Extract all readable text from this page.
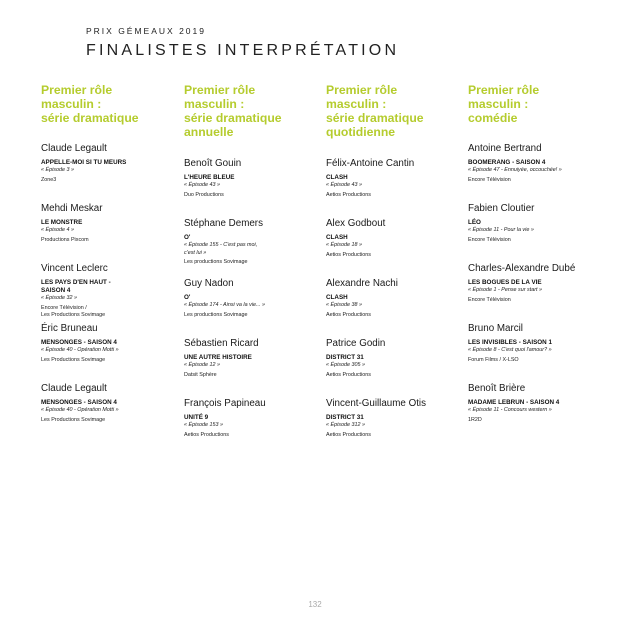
PRIX GÉMEAUX 2019
FINALISTES INTERPRÉTATION
Premier rôle
masculin :
série dramatique
Claude Legault
APPELLE-MOI SI TU MEURS
« Épisode 3 »
Zone3
Mehdi Meskar
LE MONSTRE
« Épisode 4 »
Productions Pixcom
Vincent Leclerc
LES PAYS D'EN HAUT -
SAISON 4
« Épisode 32 »
Encore Télévision /
Les Productions Sovimage
Éric Bruneau
MENSONGES - SAISON 4
« Épisode 40 - Opération Motti »
Les Productions Sovimage
Claude Legault
MENSONGES - SAISON 4
« Épisode 40 - Opération Motti »
Les Productions Sovimage
Premier rôle
masculin :
série dramatique
annuelle
Benoît Gouin
L'HEURE BLEUE
« Épisode 43 »
Duo Productions
Stéphane Demers
O'
« Épisode 155 - C'est pas moi,
c'est lui »
Les productions Sovimage
Guy Nadon
O'
« Épisode 174 - Ainsi va la vie... »
Les productions Sovimage
Sébastien Ricard
UNE AUTRE HISTOIRE
« Épisode 12 »
Datsit Sphère
François Papineau
UNITÉ 9
« Épisode 153 »
Aetios Productions
Premier rôle
masculin :
série dramatique
quotidienne
Félix-Antoine Cantin
CLASH
« Épisode 43 »
Aetios Productions
Alex Godbout
CLASH
« Épisode 18 »
Aetios Productions
Alexandre Nachi
CLASH
« Épisode 38 »
Aetios Productions
Patrice Godin
DISTRICT 31
« Épisode 305 »
Aetios Productions
Vincent-Guillaume Otis
DISTRICT 31
« Épisode 312 »
Aetios Productions
Premier rôle
masculin :
comédie
Antoine Bertrand
BOOMERANG - SAISON 4
« Épisode 47 - Ennuiyée, occouchée! »
Encore Télévision
Fabien Cloutier
LÉO
« Épisode 11 - Pour la vie »
Encore Télévision
Charles-Alexandre Dubé
LES BOGUES DE LA VIE
« Épisode 1 - Pense sur start »
Encore Télévision
Bruno Marcil
LES INVISIBLES - SAISON 1
« Épisode 8 - C'est quoi l'amour? »
Forum Films / X-LSO
Benoît Brière
MADAME LEBRUN - SAISON 4
« Épisode 11 - Concours western »
1R2D
132
